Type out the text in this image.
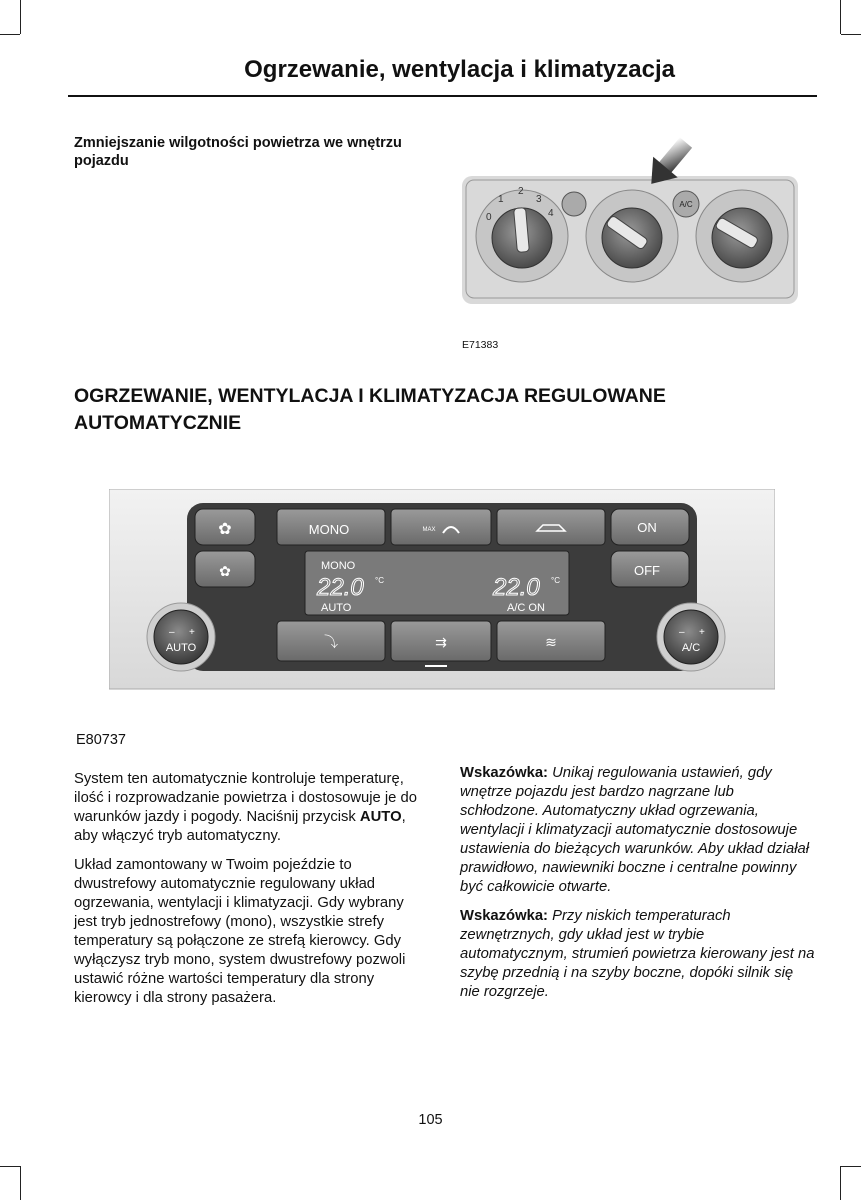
Ogrzewanie, wentylacja i klimatyzacja
Zmniejszanie wilgotności powietrza we wnętrzu pojazdu
0
1
2
3
4
A/C
E71383
OGRZEWANIE, WENTYLACJA I KLIMATYZACJA REGULOWANE AUTOMATYCZNIE
✿
✿
MONO	MAX	ON
OFF
MONO
22.0 °C
AUTO
22.0 °C
A/C ON
⤵	⇉	≋
– +
AUTO
– +
A/C
E80737

System ten automatycznie kontroluje temperaturę, ilość i rozprowadzanie powietrza i dostosowuje je do warunków jazdy i pogody. Naciśnij przycisk AUTO, aby włączyć tryb automatyczny.

Układ zamontowany w Twoim pojeździe to dwustrefowy automatycznie regulowany układ ogrzewania, wentylacji i klimatyzacji. Gdy wybrany jest tryb jednostrefowy (mono), wszystkie strefy temperatury są połączone ze strefą kierowcy. Gdy wyłączysz tryb mono, system dwustrefowy pozwoli ustawić różne wartości temperatury dla strony kierowcy i dla strony pasażera.

Wskazówka: Unikaj regulowania ustawień, gdy wnętrze pojazdu jest bardzo nagrzane lub schłodzone. Automatyczny układ ogrzewania, wentylacji i klimatyzacji automatycznie dostosowuje ustawienia do bieżących warunków. Aby układ działał prawidłowo, nawiewniki boczne i centralne powinny być całkowicie otwarte.

Wskazówka: Przy niskich temperaturach zewnętrznych, gdy układ jest w trybie automatycznym, strumień powietrza kierowany jest na szybę przednią i na szyby boczne, dopóki silnik się nie rozgrzeje.

105
